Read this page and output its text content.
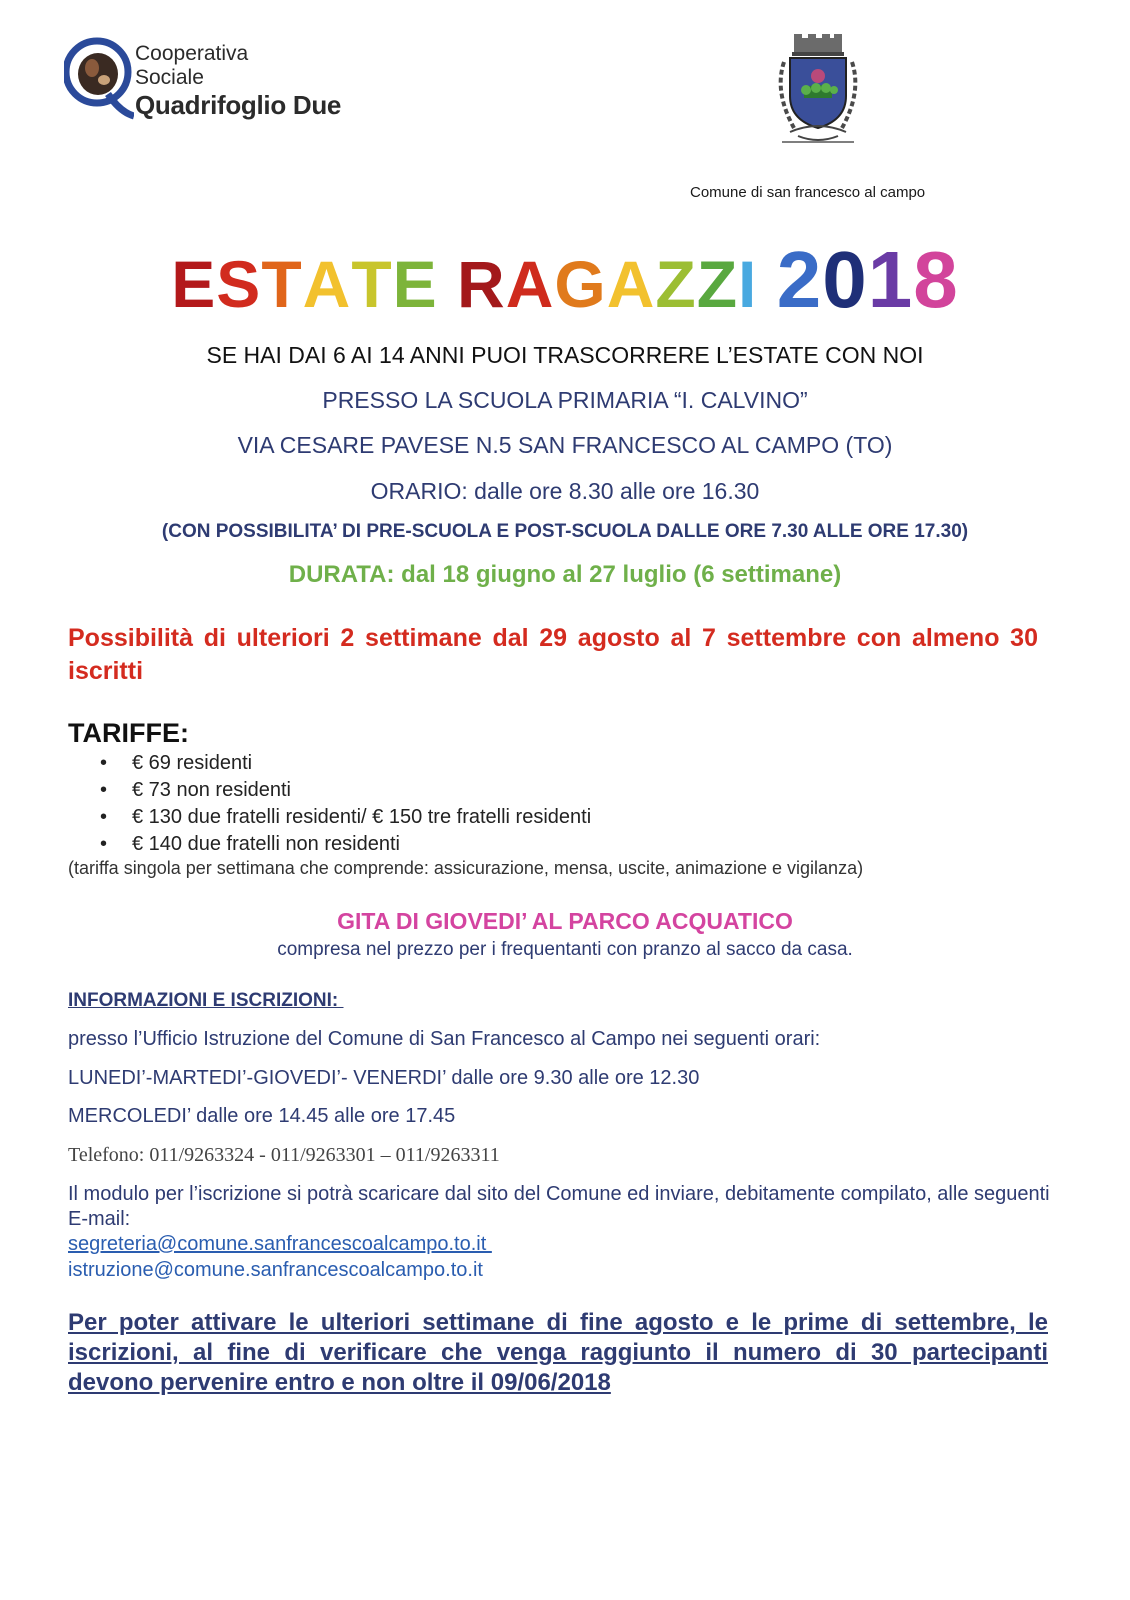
Cooperativa
Sociale
Quadrifoglio Due
Comune di san francesco al campo
ESTATE RAGAZZI 2018
SE HAI DAI 6 AI 14 ANNI PUOI TRASCORRERE L’ESTATE CON NOI
PRESSO LA SCUOLA PRIMARIA “I. CALVINO”
VIA CESARE PAVESE N.5 SAN FRANCESCO AL CAMPO (TO)
ORARIO: dalle ore 8.30 alle ore 16.30
(CON POSSIBILITA’ DI PRE-SCUOLA E POST-SCUOLA DALLE ORE 7.30 ALLE ORE 17.30)
DURATA: dal 18 giugno al 27 luglio (6 settimane)
Possibilità di ulteriori 2 settimane dal 29 agosto al 7 settembre con almeno 30 iscritti
TARIFFE:
• € 69 residenti
• € 73 non residenti
• € 130 due fratelli residenti/ € 150 tre fratelli residenti
• € 140 due fratelli non residenti
(tariffa singola per settimana che comprende: assicurazione, mensa, uscite, animazione e vigilanza)
GITA DI GIOVEDI’ AL PARCO ACQUATICO
compresa nel prezzo per i frequentanti con pranzo al sacco da casa.
INFORMAZIONI E ISCRIZIONI:
presso l’Ufficio Istruzione del Comune di San Francesco al Campo nei seguenti orari:
LUNEDI’-MARTEDI’-GIOVEDI’- VENERDI’ dalle ore 9.30 alle ore 12.30
MERCOLEDI’ dalle ore 14.45 alle ore 17.45
Telefono: 011/9263324 - 011/9263301 – 011/9263311
Il modulo per l’iscrizione si potrà scaricare dal sito del Comune ed inviare, debitamente compilato, alle seguenti E-mail:
segreteria@comune.sanfrancescoalcampo.to.it
istruzione@comune.sanfrancescoalcampo.to.it
Per poter attivare le ulteriori settimane di fine agosto e le prime di settembre, le iscrizioni, al fine di verificare che venga raggiunto il numero di 30 partecipanti devono pervenire entro e non oltre il 09/06/2018
